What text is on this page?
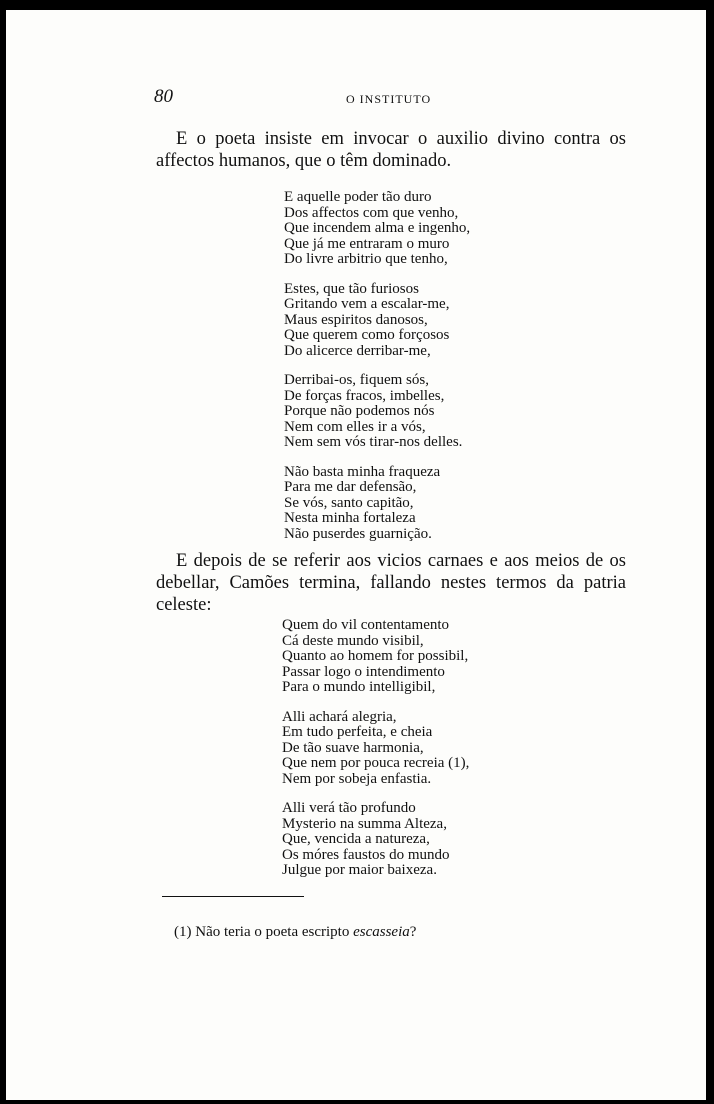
80	O INSTITUTO

E o poeta insiste em invocar o auxilio divino contra os affectos humanos, que o têm dominado.

E aquelle poder tão duro
Dos affectos com que venho,
Que incendem alma e ingenho,
Que já me entraram o muro
Do livre arbitrio que tenho,
Estes, que tão furiosos
Gritando vem a escalar-me,
Maus espiritos danosos,
Que querem como forçosos
Do alicerce derribar-me,
Derribai-os, fiquem sós,
De forças fracos, imbelles,
Porque não podemos nós
Nem com elles ir a vós,
Nem sem vós tirar-nos delles.
Não basta minha fraqueza
Para me dar defensão,
Se vós, santo capitão,
Nesta minha fortaleza
Não puserdes guarnição.

E depois de se referir aos vicios carnaes e aos meios de os debellar, Camões termina, fallando nestes termos da patria celeste:

Quem do vil contentamento
Cá deste mundo visibil,
Quanto ao homem for possibil,
Passar logo o intendimento
Para o mundo intelligibil,
Alli achará alegria,
Em tudo perfeita, e cheia
De tão suave harmonia,
Que nem por pouca recreia (1),
Nem por sobeja enfastia.
Alli verá tão profundo
Mysterio na summa Alteza,
Que, vencida a natureza,
Os móres faustos do mundo
Julgue por maior baixeza.

(1) Não teria o poeta escripto escasseia?
